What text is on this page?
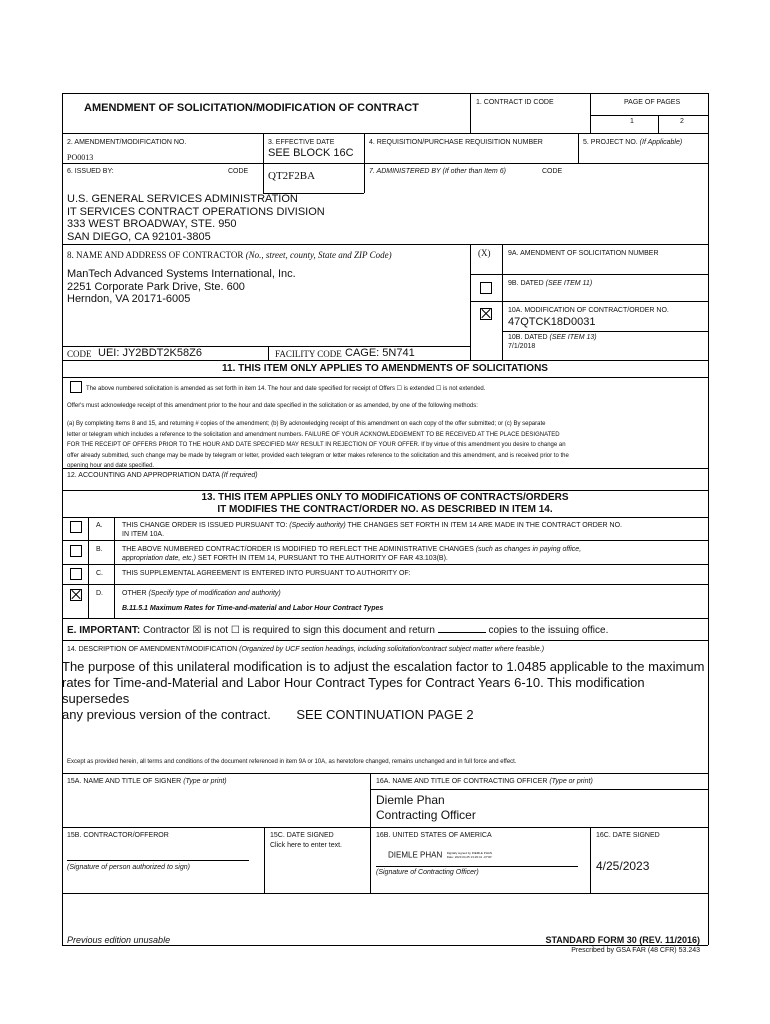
AMENDMENT OF SOLICITATION/MODIFICATION OF CONTRACT	1. CONTRACT ID CODE	PAGE OF PAGES
1	2
2. AMENDMENT/MODIFICATION NO.
PO0013
3. EFFECTIVE DATE
SEE BLOCK 16C
4. REQUISITION/PURCHASE REQUISITION NUMBER	5. PROJECT NO. (If Applicable)
6. ISSUED BY:	CODE QT2F2BA	7. ADMINISTERED BY (If other than Item 6)	CODE
U.S. GENERAL SERVICES ADMINISTRATION
IT SERVICES CONTRACT OPERATIONS DIVISION
333 WEST BROADWAY, STE. 950
SAN DIEGO, CA 92101-3805
8. NAME AND ADDRESS OF CONTRACTOR (No., street, county, State and ZIP Code)
ManTech Advanced Systems International, Inc.
2251 Corporate Park Drive, Ste. 600
Herndon, VA 20171-6005
(X)	9A. AMENDMENT OF SOLICITATION NUMBER
9B. DATED (SEE ITEM 11)
10A. MODIFICATION OF CONTRACT/ORDER NO.
47QTCK18D0031
10B. DATED (SEE ITEM 13)
7/1/2018
CODE UEI: JY2BDT2K58Z6	FACILITY CODE CAGE: 5N741
11. THIS ITEM ONLY APPLIES TO AMENDMENTS OF SOLICITATIONS
The above numbered solicitation is amended as set forth in item 14. The hour and date specified for receipt of Offers ☐ is extended ☐ is not extended.
Offer's must acknowledge receipt of this amendment prior to the hour and date specified in the solicitation or as amended, by one of the following methods:
(a) By completing Items 8 and 15, and returning # copies of the amendment; (b) By acknowledging receipt of this amendment on each copy of the offer submitted; or (c) By separate
letter or telegram which includes a reference to the solicitation and amendment numbers. FAILURE OF YOUR ACKNOWLEDGEMENT TO BE RECEIVED AT THE PLACE DESIGNATED
FOR THE RECEIPT OF OFFERS PRIOR TO THE HOUR AND DATE SPECIFIED MAY RESULT IN REJECTION OF YOUR OFFER. If by virtue of this amendment you desire to change an
offer already submitted, such change may be made by telegram or letter, provided each telegram or letter makes reference to the solicitation and this amendment, and is received prior to the
opening hour and date specified.
12. ACCOUNTING AND APPROPRIATION DATA (If required)
13. THIS ITEM APPLIES ONLY TO MODIFICATIONS OF CONTRACTS/ORDERS
IT MODIFIES THE CONTRACT/ORDER NO. AS DESCRIBED IN ITEM 14.
A.	THIS CHANGE ORDER IS ISSUED PURSUANT TO: (Specify authority) THE CHANGES SET FORTH IN ITEM 14 ARE MADE IN THE CONTRACT ORDER NO.
IN ITEM 10A.
B.	THE ABOVE NUMBERED CONTRACT/ORDER IS MODIFIED TO REFLECT THE ADMINISTRATIVE CHANGES (such as changes in paying office,
appropriation date, etc.) SET FORTH IN ITEM 14, PURSUANT TO THE AUTHORITY OF FAR 43.103(B).
C.	THIS SUPPLEMENTAL AGREEMENT IS ENTERED INTO PURSUANT TO AUTHORITY OF:
D.	OTHER (Specify type of modification and authority)
B.11.5.1 Maximum Rates for Time-and-material and Labor Hour Contract Types
E. IMPORTANT: Contractor ☒ is not ☐ is required to sign this document and return	copies to the issuing office.
14. DESCRIPTION OF AMENDMENT/MODIFICATION (Organized by UCF section headings, including solicitation/contract subject matter where feasible.)
The purpose of this unilateral modification is to adjust the escalation factor to 1.0485 applicable to the maximum
rates for Time-and-Material and Labor Hour Contract Types for Contract Years 6-10. This modification supersedes
any previous version of the contract.	SEE CONTINUATION PAGE 2
Except as provided herein, all terms and conditions of the document referenced in item 9A or 10A, as heretofore changed, remains unchanged and in full force and effect.
15A. NAME AND TITLE OF SIGNER (Type or print)	16A. NAME AND TITLE OF CONTRACTING OFFICER (Type or print)
Diemle Phan
Contracting Officer
15B. CONTRACTOR/OFFEROR
(Signature of person authorized to sign)
15C. DATE SIGNED
Click here to enter text.
16B. UNITED STATES OF AMERICA
DIEMLE PHAN Digitally signed by DIEMLE PHAN
Date: 2023.04.25 13:26:41 -07'00'
(Signature of Contracting Officer)
16C. DATE SIGNED
4/25/2023
Previous edition unusable	STANDARD FORM 30 (REV. 11/2016)
Prescribed by GSA FAR (48 CFR) 53.243
